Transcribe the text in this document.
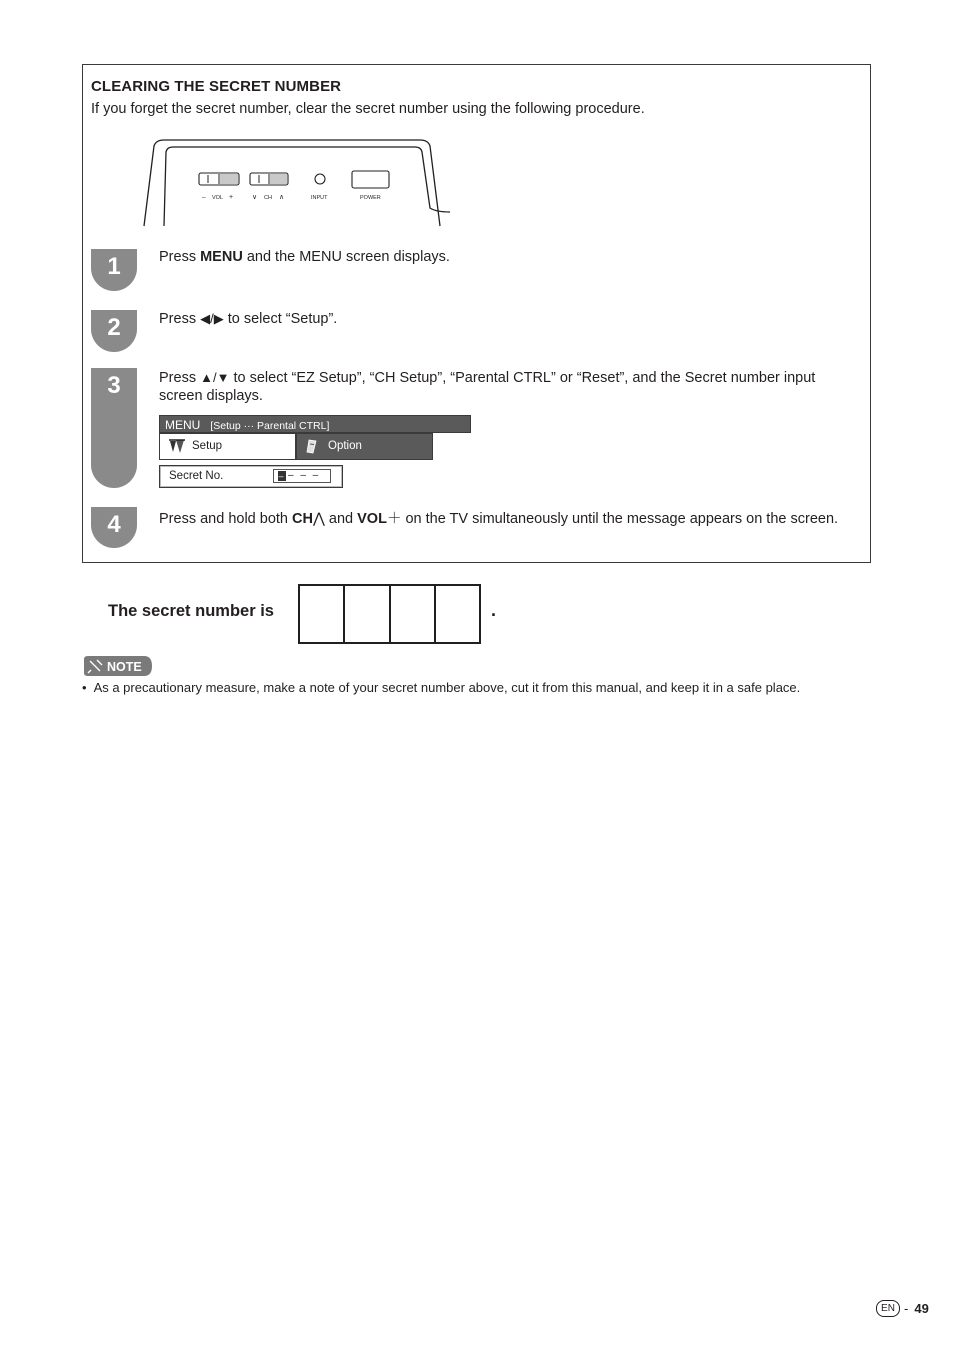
CLEARING THE SECRET NUMBER
If you forget the secret number, clear the secret number using the following procedure.
– VOL +	∨ CH ∧	INPUT	POWER
1	Press MENU and the MENU screen displays.
2	Press ◀/▶ to select “Setup”.
3	Press ▲/▼ to select “EZ Setup”, “CH Setup”, “Parental CTRL” or “Reset”, and the Secret number input screen displays.
MENU [Setup ··· Parental CTRL]
Setup	Option
Secret No.	– – – –
4	Press and hold both CH⋀ and VOL＋ on the TV simultaneously until the message appears on the screen.
The secret number is	.
NOTE
• As a precautionary measure, make a note of your secret number above, cut it from this manual, and keep it in a safe place.
EN - 49
